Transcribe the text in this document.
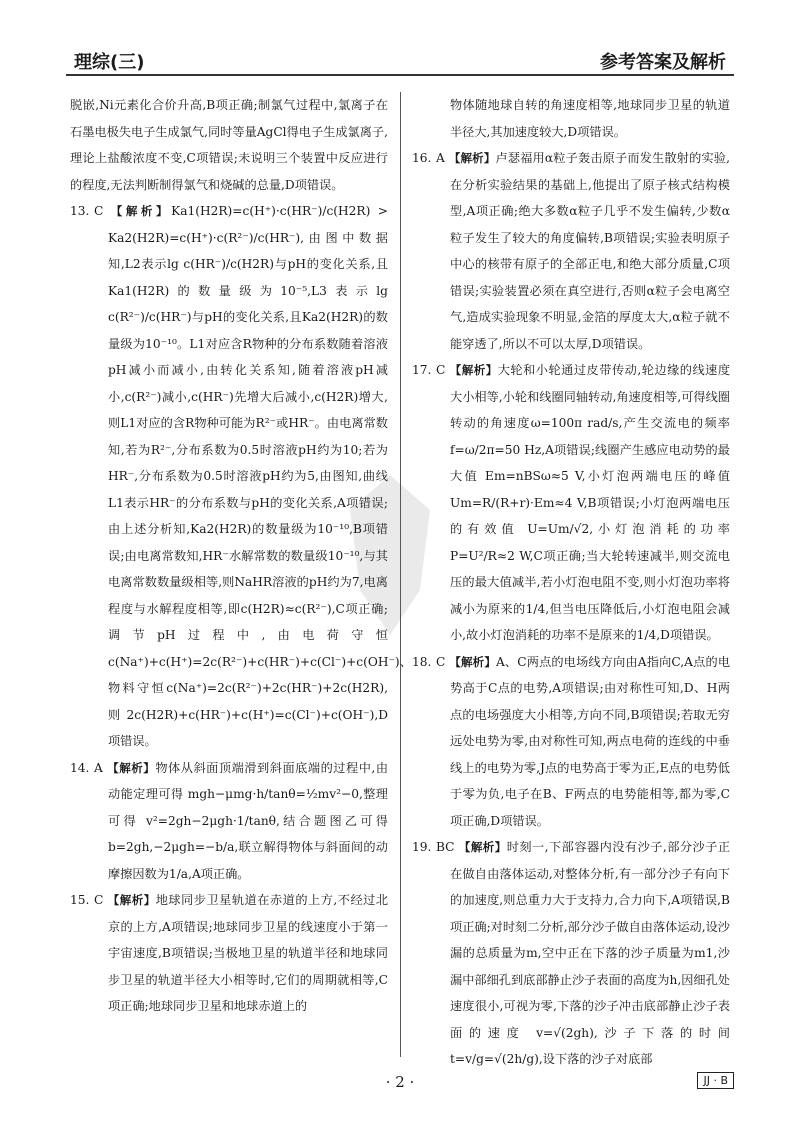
理综(三)	参考答案及解析

脱嵌,Ni元素化合价升高,B项正确;制氯气过程中,氯离子在石墨电极失电子生成氯气,同时等量AgCl得电子生成氯离子,理论上盐酸浓度不变,C项错误;未说明三个装置中反应进行的程度,无法判断制得氯气和烧碱的总量,D项错误。

13. C 【解析】Ka1(H2R)=c(H⁺)·c(HR⁻)/c(H2R) > Ka2(H2R)=c(H⁺)·c(R²⁻)/c(HR⁻),由图中数据知,L2表示lg c(HR⁻)/c(H2R)与pH的变化关系,且Ka1(H2R)的数量级为10⁻⁵,L3表示lg c(R²⁻)/c(HR⁻)与pH的变化关系,且Ka2(H2R)的数量级为10⁻¹⁰。L1对应含R物种的分布系数随着溶液pH减小而减小,由转化关系知,随着溶液pH减小,c(R²⁻)减小,c(HR⁻)先增大后减小,c(H2R)增大,则L1对应的含R物种可能为R²⁻或HR⁻。由电离常数知,若为R²⁻,分布系数为0.5时溶液pH约为10;若为HR⁻,分布系数为0.5时溶液pH约为5,由图知,曲线L1表示HR⁻的分布系数与pH的变化关系,A项错误;由上述分析知,Ka2(H2R)的数量级为10⁻¹⁰,B项错误;由电离常数知,HR⁻水解常数的数量级10⁻¹⁰,与其电离常数数量级相等,则NaHR溶液的pH约为7,电离程度与水解程度相等,即c(H2R)≈c(R²⁻),C项正确;调节pH过程中,由电荷守恒c(Na⁺)+c(H⁺)=2c(R²⁻)+c(HR⁻)+c(Cl⁻)+c(OH⁻)、物料守恒c(Na⁺)=2c(R²⁻)+2c(HR⁻)+2c(H2R),则2c(H2R)+c(HR⁻)+c(H⁺)=c(Cl⁻)+c(OH⁻),D项错误。

14. A 【解析】物体从斜面顶端滑到斜面底端的过程中,由动能定理可得 mgh−μmg·h/tanθ=½mv²−0,整理可得 v²=2gh−2μgh·1/tanθ,结合题图乙可得 b=2gh,−2μgh=−b/a,联立解得物体与斜面间的动摩擦因数为1/a,A项正确。

15. C 【解析】地球同步卫星轨道在赤道的上方,不经过北京的上方,A项错误;地球同步卫星的线速度小于第一宇宙速度,B项错误;当极地卫星的轨道半径和地球同步卫星的轨道半径大小相等时,它们的周期就相等,C项正确;地球同步卫星和地球赤道上的

物体随地球自转的角速度相等,地球同步卫星的轨道半径大,其加速度较大,D项错误。

16. A 【解析】卢瑟福用α粒子轰击原子而发生散射的实验,在分析实验结果的基础上,他提出了原子核式结构模型,A项正确;绝大多数α粒子几乎不发生偏转,少数α粒子发生了较大的角度偏转,B项错误;实验表明原子中心的核带有原子的全部正电,和绝大部分质量,C项错误;实验装置必须在真空进行,否则α粒子会电离空气,造成实验现象不明显,金箔的厚度太大,α粒子就不能穿透了,所以不可以太厚,D项错误。

17. C 【解析】大轮和小轮通过皮带传动,轮边缘的线速度大小相等,小轮和线圈同轴转动,角速度相等,可得线圈转动的角速度ω=100π rad/s,产生交流电的频率 f=ω/2π=50 Hz,A项错误;线圈产生感应电动势的最大值 Em=nBSω≈5 V,小灯泡两端电压的峰值 Um=R/(R+r)·Em≈4 V,B项错误;小灯泡两端电压的有效值 U=Um/√2,小灯泡消耗的功率 P=U²/R≈2 W,C项正确;当大轮转速减半,则交流电压的最大值减半,若小灯泡电阻不变,则小灯泡功率将减小为原来的1/4,但当电压降低后,小灯泡电阻会减小,故小灯泡消耗的功率不是原来的1/4,D项错误。

18. C 【解析】A、C两点的电场线方向由A指向C,A点的电势高于C点的电势,A项错误;由对称性可知,D、H两点的电场强度大小相等,方向不同,B项错误;若取无穷远处电势为零,由对称性可知,两点电荷的连线的中垂线上的电势为零,J点的电势高于零为正,E点的电势低于零为负,电子在B、F两点的电势能相等,都为零,C项正确,D项错误。

19. BC 【解析】时刻一,下部容器内没有沙子,部分沙子正在做自由落体运动,对整体分析,有一部分沙子有向下的加速度,则总重力大于支持力,合力向下,A项错误,B项正确;对时刻二分析,部分沙子做自由落体运动,设沙漏的总质量为m,空中正在下落的沙子质量为m1,沙漏中部细孔到底部静止沙子表面的高度为h,因细孔处速度很小,可视为零,下落的沙子冲击底部静止沙子表面的速度 v=√(2gh),沙子下落的时间 t=v/g=√(2h/g),设下落的沙子对底部

· 2 ·	JJ · B
